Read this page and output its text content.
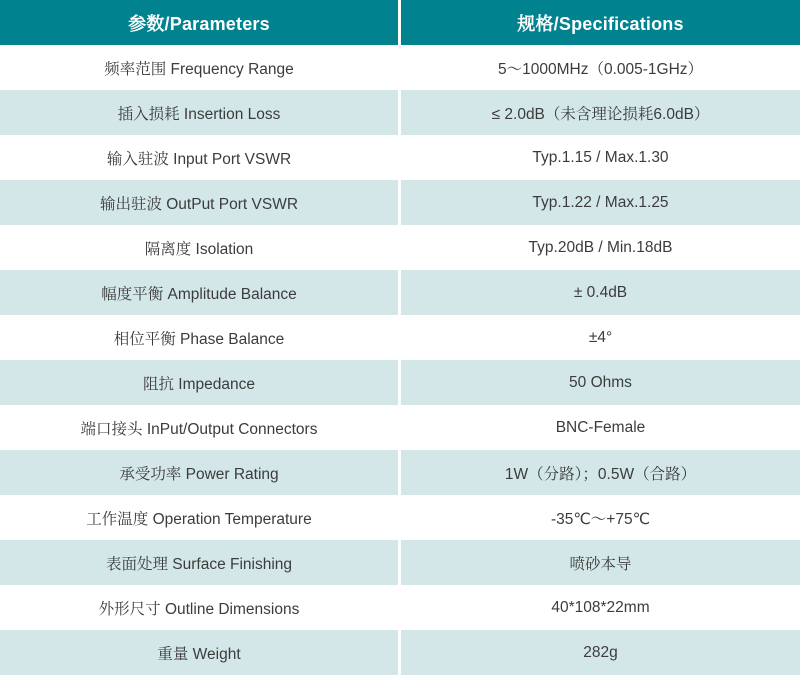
参数/Parameters	规格/Specifications
频率范围 Frequency Range	5～1000MHz（0.005-1GHz）
插入损耗 Insertion Loss	≤ 2.0dB（未含理论损耗6.0dB）
输入驻波 Input Port VSWR	Typ.1.15 / Max.1.30
输出驻波 OutPut Port VSWR	Typ.1.22 / Max.1.25
隔离度 Isolation	Typ.20dB / Min.18dB
幅度平衡 Amplitude Balance	± 0.4dB
相位平衡 Phase Balance	±4°
阻抗 Impedance	50 Ohms
端口接头 InPut/Output Connectors	BNC-Female
承受功率 Power Rating	1W（分路）；0.5W（合路）
工作温度 Operation Temperature	-35℃～+75℃
表面处理 Surface Finishing	喷砂本导
外形尺寸 Outline Dimensions	40*108*22mm
重量 Weight	282g
